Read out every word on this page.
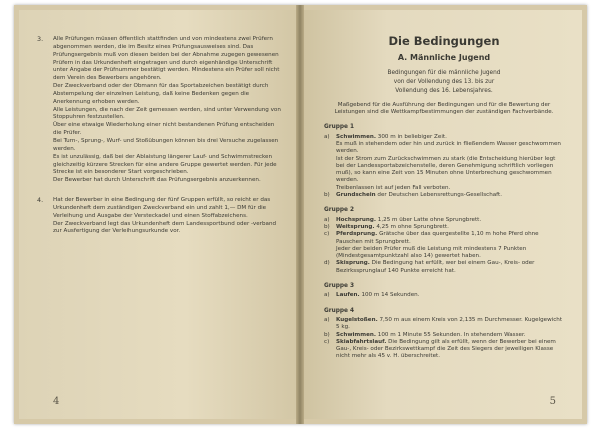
3. Alle Prüfungen müssen öffentlich stattfinden und von mindestens zwei Prüfern abgenommen werden, die im Besitz eines Prüfungsausweises sind. Das Prüfungsergebnis muß von diesen beiden bei der Abnahme zugegen gewesenen Prüfern in das Urkundenheft eingetragen und durch eigenhändige Unterschrift unter Angabe der Prüfnummer bestätigt werden. Mindestens ein Prüfer soll nicht dem Verein des Bewerbers angehören.

Der Zweckverband oder der Obmann für das Sportabzeichen bestätigt durch Abstempelung der einzelnen Leistung, daß keine Bedenken gegen die Anerkennung erhoben werden.

Alle Leistungen, die nach der Zeit gemessen werden, sind unter Verwendung von Stoppuhren festzustellen.

Über eine etwaige Wiederholung einer nicht bestandenen Prüfung entscheiden die Prüfer.

Bei Turn-, Sprung-, Wurf- und Stoßübungen können bis drei Versuche zugelassen werden.

Es ist unzulässig, daß bei der Ablaistung längerer Lauf- und Schwimmstrecken gleichzeitig kürzere Strecken für eine andere Gruppe gewertet werden. Für jede Strecke ist ein besonderer Start vorgeschrieben.

Der Bewerber hat durch Unterschrift das Prüfungsergebnis anzuerkennen.

4. Hat der Bewerber in eine Bedingung der fünf Gruppen erfüllt, so reicht er das Urkundenheft dem zuständigen Zweckverband ein und zahlt 1,— DM für die Verleihung und Ausgabe der Versteckadel und einen Stoffabzeichens.

Der Zweckverband legt das Urkundenheft dem Landessportbund oder -verband zur Ausfertigung der Verleihungsurkunde vor.

4
Die Bedingungen
A. Männliche Jugend
Bedingungen für die männliche Jugend
von der Vollendung des 13. bis zur
Vollendung des 16. Lebensjahres.

Maßgebend für die Ausführung der Bedingungen und für die Bewertung der Leistungen sind die Wettkampfbestimmungen der zuständigen Fachverbände.

Gruppe 1
a)	Schwimmen. 300 m in beliebiger Zeit.

Es muß in stehendem oder hin und zurück in fließendem Wasser geschwommen werden.

Ist der Strom zum Zurückschwimmen zu stark (die Entscheidung hierüber legt bei der Landessportabzeichenstelle, deren Genehmigung schriftlich vorliegen muß), so kann eine Zeit von 15 Minuten ohne Unterbrechung geschwommen werden.

Treibenlassen ist auf jeden Fall verboten.

b)	Grundschein der Deutschen Lebensrettungs-Gesellschaft.

Gruppe 2
a)	Hochsprung. 1,25 m über Latte ohne Sprungbrett.

b)	Weitsprung. 4,25 m ohne Sprungbrett.

c)	Pferdsprung. Grätsche über das quergestellte 1,10 m hohe Pferd ohne Pauschen mit Sprungbrett.

Jeder der beiden Prüfer muß die Leistung mit mindestens 7 Punkten (Mindestgesamtpunktzahl also 14) gewertet haben.

d)	Skisprung. Die Bedingung hat erfüllt, wer bei einem Gau-, Kreis- oder Bezirkssprunglauf 140 Punkte erreicht hat.

Gruppe 3
a)	Laufen. 100 m 14 Sekunden.

Gruppe 4
a)	Kugelstoßen. 7,50 m aus einem Kreis von 2,135 m Durchmesser. Kugelgewicht 5 kg.

b)	Schwimmen. 100 m 1 Minute 55 Sekunden. In stehendem Wasser.

c)	Skiabfahrtslauf. Die Bedingung gilt als erfüllt, wenn der Bewerber bei einem Gau-, Kreis- oder Bezirkswettkampf die Zeit des Siegers der jeweiligen Klasse nicht mehr als 45 v. H. überschreitet.

5
